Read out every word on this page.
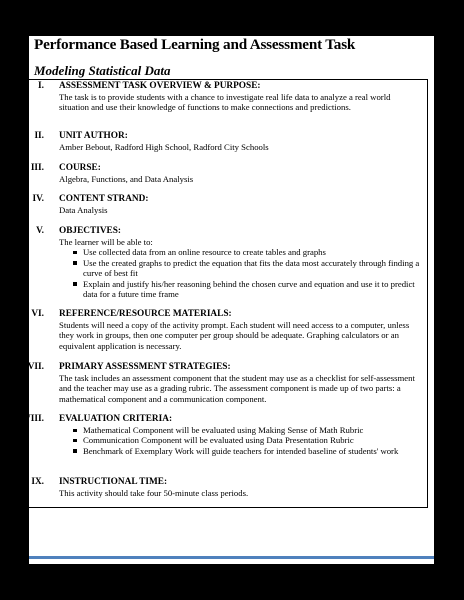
Performance Based Learning and Assessment Task
Modeling Statistical Data
I. ASSESSMENT TASK OVERVIEW & PURPOSE:
The task is to provide students with a chance to investigate real life data to analyze a real world situation and use their knowledge of functions to make connections and predictions.
II. UNIT AUTHOR:
Amber Bebout, Radford High School, Radford City Schools
III. COURSE:
Algebra, Functions, and Data Analysis
IV. CONTENT STRAND:
Data Analysis
V. OBJECTIVES:
The learner will be able to:
Use collected data from an online resource to create tables and graphs
Use the created graphs to predict the equation that fits the data most accurately through finding a curve of best fit
Explain and justify his/her reasoning behind the chosen curve and equation and use it to predict data for a future time frame
VI. REFERENCE/RESOURCE MATERIALS:
Students will need a copy of the activity prompt. Each student will need access to a computer, unless they work in groups, then one computer per group should be adequate. Graphing calculators or an equivalent application is necessary.
VII. PRIMARY ASSESSMENT STRATEGIES:
The task includes an assessment component that the student may use as a checklist for self-assessment and the teacher may use as a grading rubric. The assessment component is made up of two parts: a mathematical component and a communication component.
VIII. EVALUATION CRITERIA:
Mathematical Component will be evaluated using Making Sense of Math Rubric
Communication Component will be evaluated using Data Presentation Rubric
Benchmark of Exemplary Work will guide teachers for intended baseline of students' work
IX. INSTRUCTIONAL TIME:
This activity should take four 50-minute class periods.
